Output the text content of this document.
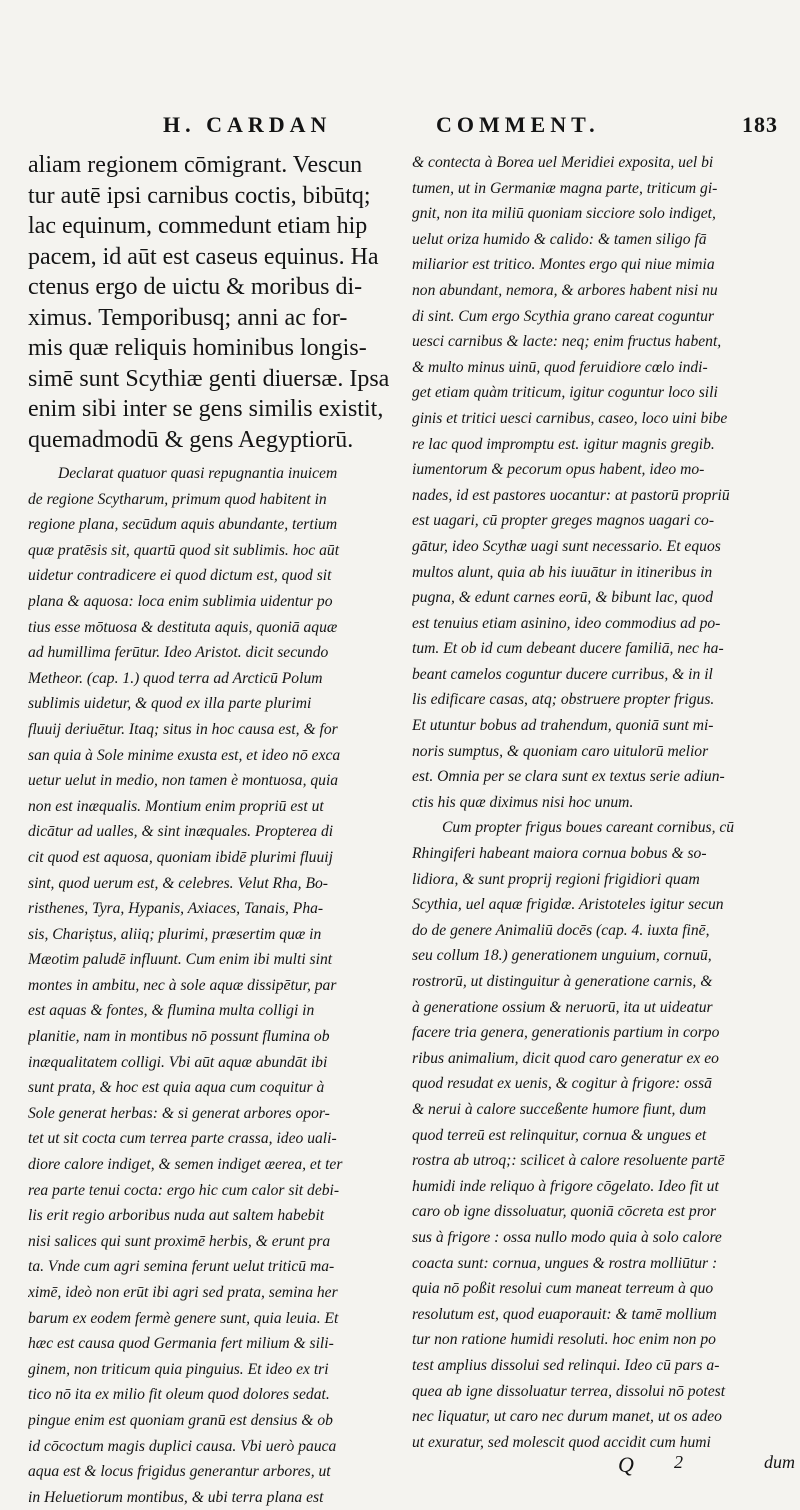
H. CARDAN	COMMENT.	183
aliam regionem cōmigrant. Vescun
tur autē ipsi carnibus coctis, bibūtq;
lac equinum, commedunt etiam hip
pacem, id aūt est caseus equinus. Ha
ctenus ergo de uictu & moribus di-
ximus. Temporibusq; anni ac for-
mis quæ reliquis hominibus longis-
simē sunt Scythiæ genti diuersæ. Ipsa
enim sibi inter se gens similis existit,
quemadmodū & gens Aegyptiorū.
Declarat quatuor quasi repugnantia inuicem
de regione Scytharum, primum quod habitent in
regione plana, secūdum aquis abundante, tertium
quæ pratēsis sit, quartū quod sit sublimis. hoc aūt
uidetur contradicere ei quod dictum est, quod sit
plana & aquosa: loca enim sublimia uidentur po
tius esse mōtuosa & destituta aquis, quoniā aquæ
ad humillima ferūtur. Ideo Aristot. dicit secundo
Metheor. (cap. 1.) quod terra ad Arcticū Polum
sublimis uidetur, & quod ex illa parte plurimi
fluuij deriuētur. Itaq; situs in hoc causa est, & for
san quia à Sole minime exusta est, et ideo nō exca
uetur uelut in medio, non tamen è montuosa, quia
non est inæqualis. Montium enim propriū est ut
dicātur ad ualles, & sint inæquales. Propterea di
cit quod est aquosa, quoniam ibidē plurimi fluuij
sint, quod uerum est, & celebres. Velut Rha, Bo-
risthenes, Tyra, Hypanis, Axiaces, Tanais, Pha-
sis, Chariștus, aliiq; plurimi, præsertim quæ in
Mæotim paludē influunt. Cum enim ibi multi sint
montes in ambitu, nec à sole aquæ dissipētur, par
est aquas & fontes, & flumina multa colligi in
planitie, nam in montibus nō possunt flumina ob
inæqualitatem colligi. Vbi aūt aquæ abundāt ibi
sunt prata, & hoc est quia aqua cum coquitur à
Sole generat herbas: & si generat arbores opor-
tet ut sit cocta cum terrea parte crassa, ideo uali-
diore calore indiget, & semen indiget æerea, et ter
rea parte tenui cocta: ergo hic cum calor sit debi-
lis erit regio arboribus nuda aut saltem habebit
nisi salices qui sunt proximē herbis, & erunt pra
ta. Vnde cum agri semina ferunt uelut triticū ma-
ximē, ideò non erūt ibi agri sed prata, semina her
barum ex eodem fermè genere sunt, quia leuia. Et
hæc est causa quod Germania fert milium & sili-
ginem, non triticum quia pinguius. Et ideo ex tri
tico nō ita ex milio fit oleum quod dolores sedat.
pingue enim est quoniam granū est densius & ob
id cōcoctum magis duplici causa. Vbi uerò pauca
aqua est & locus frigidus generantur arbores, ut
in Heluetiorum montibus, & ubi terra plana est
& contecta à Borea uel Meridiei exposita, uel bi
tumen, ut in Germaniæ magna parte, triticum gi-
gnit, non ita miliū quoniam sicciore solo indiget,
uelut oriza humido & calido: & tamen siligo fā
miliarior est tritico. Montes ergo qui niue mimia
non abundant, nemora, & arbores habent nisi nu
di sint. Cum ergo Scythia grano careat coguntur
uesci carnibus & lacte: neq; enim fructus habent,
& multo minus uinū, quod feruidiore cœlo indi-
get etiam quàm triticum, igitur coguntur loco sili
ginis et tritici uesci carnibus, caseo, loco uini bibe
re lac quod impromptu est. igitur magnis gregib.
iumentorum & pecorum opus habent, ideo mo-
nades, id est pastores uocantur: at pastorū propriū
est uagari, cū propter greges magnos uagari co-
gātur, ideo Scythæ uagi sunt necessario. Et equos
multos alunt, quia ab his iuuātur in itineribus in
pugna, & edunt carnes eorū, & bibunt lac, quod
est tenuius etiam asinino, ideo commodius ad po-
tum. Et ob id cum debeant ducere familiā, nec ha-
beant camelos coguntur ducere curribus, & in il
lis edificare casas, atq; obstruere propter frigus.
Et utuntur bobus ad trahendum, quoniā sunt mi-
noris sumptus, & quoniam caro uitulorū melior
est. Omnia per se clara sunt ex textus serie adiun-
ctis his quæ diximus nisi hoc unum.
Cum propter frigus boues careant cornibus, cū
Rhingiferi habeant maiora cornua bobus & so-
lidiora, & sunt proprij regioni frigidiori quam
Scythia, uel aquæ frigidæ. Aristoteles igitur secun
do de genere Animaliū docēs (cap. 4. iuxta finē,
seu collum 18.) generationem unguium, cornuū,
rostrorū, ut distinguitur à generatione carnis, &
à generatione ossium & neruorū, ita ut uideatur
facere tria genera, generationis partium in corpo
ribus animalium, dicit quod caro generatur ex eo
quod resudat ex uenis, & cogitur à frigore: ossā
& nerui à calore succeßente humore fiunt, dum
quod terreū est relinquitur, cornua & ungues et
rostra ab utroq;: scilicet à calore resoluente partē
humidi inde reliquo à frigore cōgelato. Ideo fit ut
caro ob igne dissoluatur, quoniā cōcreta est pror
sus à frigore : ossa nullo modo quia à solo calore
coacta sunt: cornua, ungues & rostra molliūtur :
quia nō poßit resolui cum maneat terreum à quo
resolutum est, quod euaporauit: & tamē mollium
tur non ratione humidi resoluti. hoc enim non po
test amplius dissolui sed relinqui. Ideo cū pars a-
quea ab igne dissoluatur terrea, dissolui nō potest
nec liquatur, ut caro nec durum manet, ut os adeo
ut exuratur, sed molescit quod accidit cum humi
Q 2	dum
